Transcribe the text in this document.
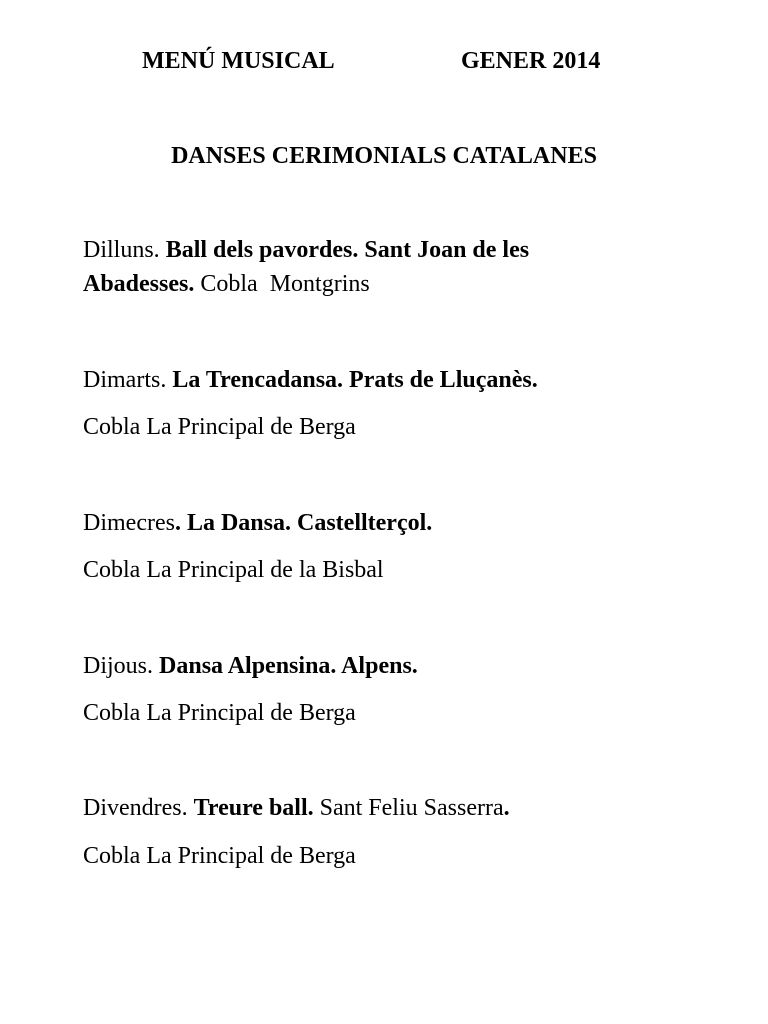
MENÚ MUSICAL	GENER 2014
DANSES CERIMONIALS CATALANES
Dilluns. Ball dels pavordes. Sant Joan de les
Abadesses. Cobla  Montgrins
Dimarts. La Trencadansa. Prats de Lluçanès.
Cobla La Principal de Berga
Dimecres. La Dansa. Castellterçol.
Cobla La Principal de la Bisbal
Dijous. Dansa Alpensina. Alpens.
Cobla La Principal de Berga
Divendres. Treure ball. Sant Feliu Sasserra.
Cobla La Principal de Berga
